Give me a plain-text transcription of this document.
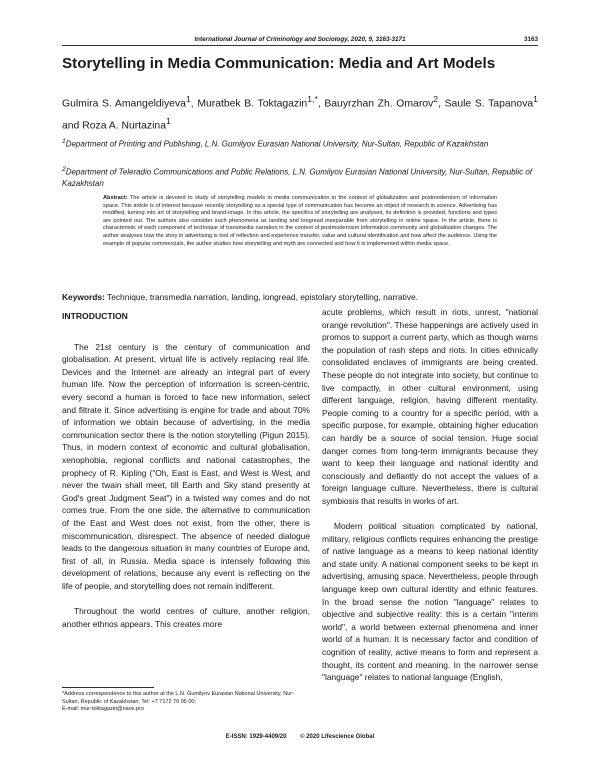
International Journal of Criminology and Sociology, 2020, 9, 3163-3171	3163
Storytelling in Media Communication: Media and Art Models
Gulmira S. Amangeldiyeva$^1$, Muratbek B. Toktagazin$^{1,*}$, Bauyrzhan Zh. Omarov$^2$, Saule S. Tapanova$^1$ and Roza A. Nurtazina$^1$
$^1$Department of Printing and Publishing, L.N. Gumilyov Eurasian National University, Nur-Sultan, Republic of Kazakhstan
$^2$Department of Teleradio Communications and Public Relations, L.N. Gumilyov Eurasian National University, Nur-Sultan, Republic of Kazakhstan
Abstract: The article is devoted to study of storytelling models in media communication in the context of globalization and postmodernism of information space. This article is of interest because recently storytelling as a special type of communication has become an object of research in science. Advertising has modified, turning into art of storytelling and brand-image. In this article, the specifics of storytelling are analysed, its definition is provided, functions and types are pointed out. The authors also consider such phenomena as landing and longread inseparable from storytelling in online space. In the article, there is characteristic of each component of technique of transmedia narration in the context of postmodernism information community and globalisation changes. The author analyses how the story in advertising is tool of reflection and experience transfer, value and cultural identification and how affect the audience. Using the example of popular commercials, the author studies how storytelling and myth are connected and how it is implemented within media space.
Keywords: Technique, transmedia narration, landing, longread, epistolary storytelling, narrative.
INTRODUCTION

The 21st century is the century of communication and globalisation. At present, virtual life is actively replacing real life. Devices and the Internet are already an integral part of every human life. Now the perception of information is screen-centric, every second a human is forced to face new information, select and filtrate it. Since advertising is engine for trade and about 70% of information we obtain because of advertising, in the media communication sector there is the notion storytelling (Pigun 2015). Thus, in modern context of economic and cultural globalisation, xenophobia, regional conflicts and national catastrophes, the prophecy of R. Kipling ("Oh, East is East, and West is West, and never the twain shall meet, till Earth and Sky stand presently at God's great Judgment Seat") in a twisted way comes and do not comes true. From the one side, the alternative to communication of the East and West does not exist, from the other, there is miscommunication, disrespect. The absence of needed dialogue leads to the dangerous situation in many countries of Europe and, first of all, in Russia. Media space is intensely following this development of relations, because any event is reflecting on the life of people, and storytelling does not remain indifferent.

Throughout the world centres of culture, another religion, another ethnos appears. This creates more

acute problems, which result in riots, unrest, "national orange revolution". These happenings are actively used in promos to support a current party, which as though warns the population of rash steps and riots. In cities ethnically consolidated enclaves of immigrants are being created. These people do not integrate into society, but continue to live compactly, in other cultural environment, using different language, religion, having different mentality. People coming to a country for a specific period, with a specific purpose, for example, obtaining higher education can hardly be a source of social tension. Huge social danger comes from long-term immigrants because they want to keep their language and national identity and consciously and defiantly do not accept the values of a foreign language culture. Nevertheless, there is cultural symbiosis that results in works of art.

Modern political situation complicated by national, military, religious conflicts requires enhancing the prestige of native language as a means to keep national identity and state unity. A national component seeks to be kept in advertising, amusing space. Nevertheless, people through language keep own cultural identity and ethnic features. In the broad sense the notion "language" relates to objective and subjective reality: this is a certain "interim world", a world between external phenomena and inner world of a human. It is necessary factor and condition of cognition of reality, active means to form and represent a thought, its content and meaning. In the narrower sense "language" relates to national language (English,

*Address correspondence to this author at the L.N. Gumilyov Eurasian National University, Nur-Sultan, Republic of Kazakhstan; Tel: +7 7172 70 95 00;
E-mail: mur-toktagazin@naox.pro
E-ISSN: 1929-4409/20 © 2020 Lifescience Global
